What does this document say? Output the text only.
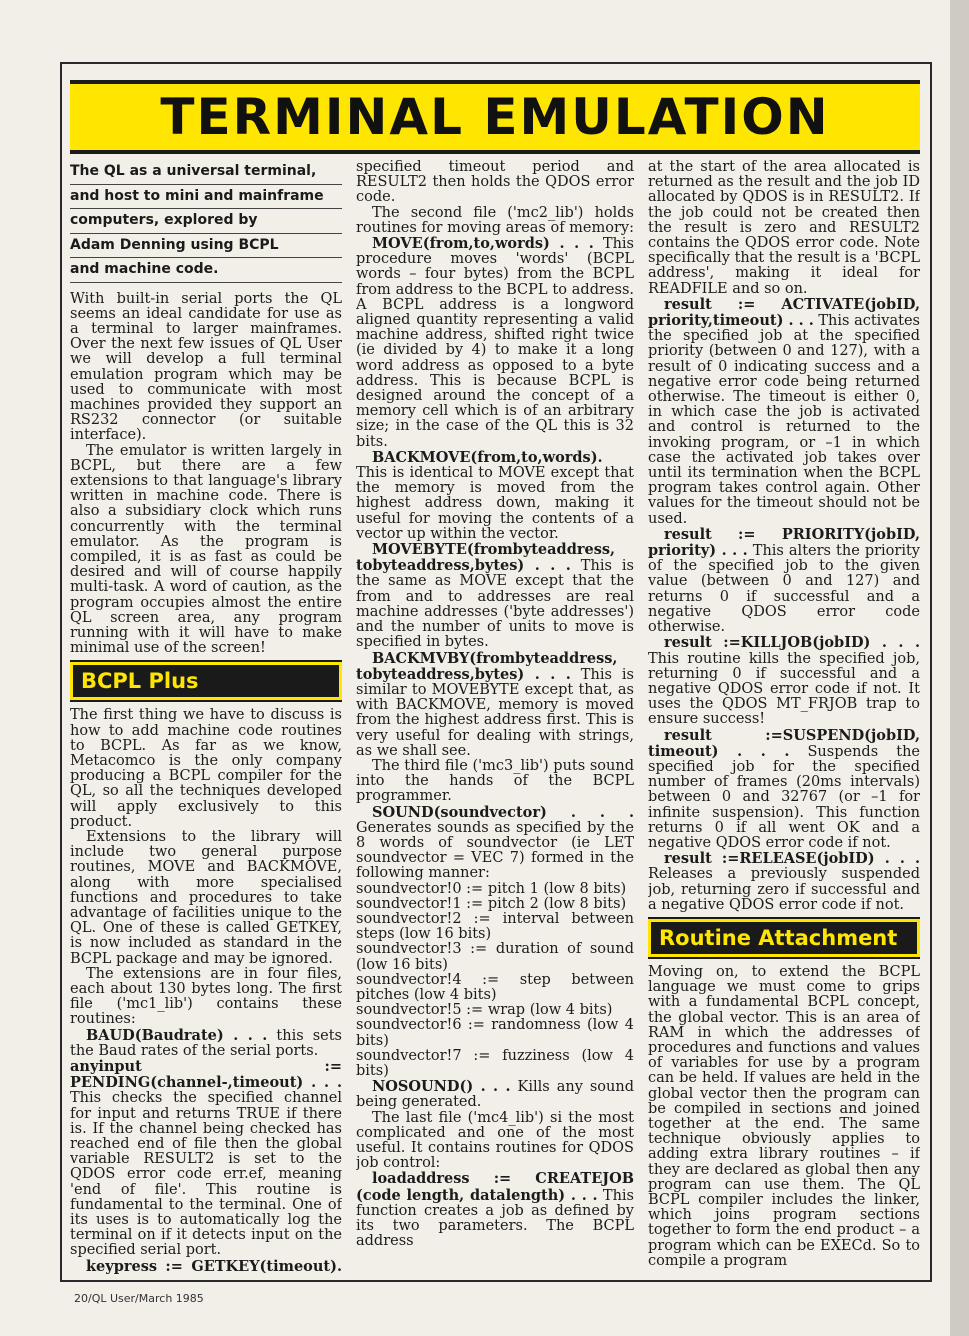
TERMINAL EMULATION
The QL as a universal terminal,
and host to mini and mainframe
computers, explored by
Adam Denning using BCPL
and machine code.

With built-in serial ports the QL seems an ideal candidate for use as a terminal to larger mainframes. Over the next few issues of QL User we will develop a full terminal emulation program which may be used to communicate with most machines provided they support an RS232 connector (or suitable interface).

The emulator is written largely in BCPL, but there are a few extensions to that language's library written in machine code. There is also a subsidiary clock which runs concurrently with the terminal emulator. As the program is compiled, it is as fast as could be desired and will of course happily multi-task. A word of caution, as the program occupies almost the entire QL screen area, any program running with it will have to make minimal use of the screen!

BCPL Plus

The first thing we have to discuss is how to add machine code routines to BCPL. As far as we know, Metacomco is the only company producing a BCPL compiler for the QL, so all the techniques developed will apply exclusively to this product.

Extensions to the library will include two general purpose routines, MOVE and BACKMOVE, along with more specialised functions and procedures to take advantage of facilities unique to the QL. One of these is called GETKEY, is now included as standard in the BCPL package and may be ignored.

The extensions are in four files, each about 130 bytes long. The first file ('mc1_lib') contains these routines:

BAUD(Baudrate) . . . this sets the Baud rates of the serial ports.

anyinput := PENDING(channel-,timeout) . . . This checks the specified channel for input and returns TRUE if there is. If the channel being checked has reached end of file then the global variable RESULT2 is set to the QDOS error code err.ef, meaning 'end of file'. This routine is fundamental to the terminal. One of its uses is to automatically log the terminal on if it detects input on the specified serial port.

keypress := GETKEY(timeout).

specified timeout period and RESULT2 then holds the QDOS error code.

The second file ('mc2_lib') holds routines for moving areas of memory:

MOVE(from,to,words) . . . This procedure moves 'words' (BCPL words – four bytes) from the BCPL from address to the BCPL to address. A BCPL address is a longword aligned quantity representing a valid machine address, shifted right twice (ie divided by 4) to make it a long word address as opposed to a byte address. This is because BCPL is designed around the concept of a memory cell which is of an arbitrary size; in the case of the QL this is 32 bits.

BACKMOVE(from,to,words). This is identical to MOVE except that the memory is moved from the highest address down, making it useful for moving the contents of a vector up within the vector.

MOVEBYTE(frombyteaddress, tobyteaddress,bytes) . . . This is the same as MOVE except that the from and to addresses are real machine addresses ('byte addresses') and the number of units to move is specified in bytes.

BACKMVBY(frombyteaddress, tobyteaddress,bytes) . . . This is similar to MOVEBYTE except that, as with BACKMOVE, memory is moved from the highest address first. This is very useful for dealing with strings, as we shall see.

The third file ('mc3_lib') puts sound into the hands of the BCPL programmer.

SOUND(soundvector) . . . Generates sounds as specified by the 8 words of soundvector (ie LET soundvector = VEC 7) formed in the following manner:

soundvector!0 := pitch 1 (low 8 bits)
soundvector!1 := pitch 2 (low 8 bits)
soundvector!2 := interval between steps (low 16 bits)
soundvector!3 := duration of sound (low 16 bits)
soundvector!4 := step between pitches (low 4 bits)
soundvector!5 := wrap (low 4 bits)
soundvector!6 := randomness (low 4 bits)
soundvector!7 := fuzziness (low 4 bits)

NOSOUND() . . . Kills any sound being generated.

The last file ('mc4_lib') si the most complicated and one of the most useful. It contains routines for QDOS job control:

loadaddress := CREATEJOB (code length, datalength) . . . This function creates a job as defined by its two parameters. The BCPL address

at the start of the area allocated is returned as the result and the job ID allocated by QDOS is in RESULT2. If the job could not be created then the result is zero and RESULT2 contains the QDOS error code. Note specifically that the result is a 'BCPL address', making it ideal for READFILE and so on.

result := ACTIVATE(jobID, priority,timeout) . . . This activates the specified job at the specified priority (between 0 and 127), with a result of 0 indicating success and a negative error code being returned otherwise. The timeout is either 0, in which case the job is activated and control is returned to the invoking program, or –1 in which case the activated job takes over until its termination when the BCPL program takes control again. Other values for the timeout should not be used.

result := PRIORITY(jobID, priority) . . . This alters the priority of the specified job to the given value (between 0 and 127) and returns 0 if successful and a negative QDOS error code otherwise.

result :=KILLJOB(jobID) . . . This routine kills the specified job, returning 0 if successful and a negative QDOS error code if not. It uses the QDOS MT_FRJOB trap to ensure success!

result :=SUSPEND(jobID, timeout) . . . Suspends the specified job for the specified number of frames (20ms intervals) between 0 and 32767 (or –1 for infinite suspension). This function returns 0 if all went OK and a negative QDOS error code if not.

result :=RELEASE(jobID) . . . Releases a previously suspended job, returning zero if successful and a negative QDOS error code if not.

Routine Attachment

Moving on, to extend the BCPL language we must come to grips with a fundamental BCPL concept, the global vector. This is an area of RAM in which the addresses of procedures and functions and values of variables for use by a program can be held. If values are held in the global vector then the program can be compiled in sections and joined together at the end. The same technique obviously applies to adding extra library routines – if they are declared as global then any program can use them. The QL BCPL compiler includes the linker, which joins program sections together to form the end product – a program which can be EXECd. So to compile a program

20/QL User/March 1985
